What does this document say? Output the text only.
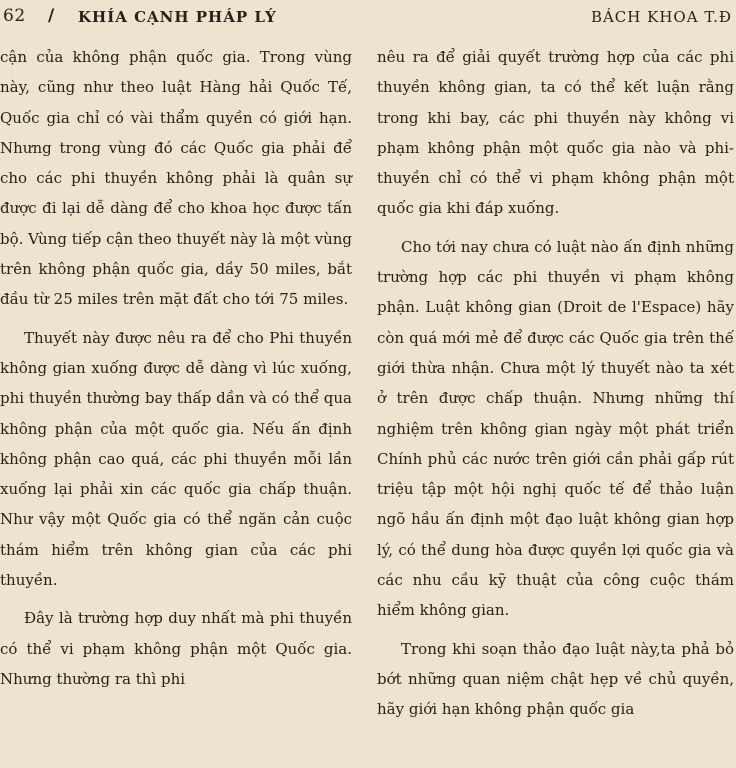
62 / KHÍA CẠNH PHÁP LÝ	BÁCH KHOA T.Đ

cận của không phận quốc gia. Trong vùng này, cũng như theo luật Hàng hải Quốc Tế, Quốc gia chỉ có vài thẩm quyền có giới hạn. Nhưng trong vùng đó các Quốc gia phải để cho các phi thuyền không phải là quân sự được đi lại dễ dàng để cho khoa học được tấn bộ. Vùng tiếp cận theo thuyết này là một vùng trên không phận quốc gia, dầy 50 miles, bắt đầu từ 25 miles trên mặt đất cho tới 75 miles.

Thuyết này được nêu ra để cho Phi thuyền không gian xuống được dễ dàng vì lúc xuống, phi thuyền thường bay thấp dần và có thể qua không phận của một quốc gia. Nếu ấn định không phận cao quá, các phi thuyền mỗi lần xuống lại phải xin các quốc gia chấp thuận. Như vậy một Quốc gia có thể ngăn cản cuộc thám hiểm trên không gian của các phi thuyền.

Đây là trường hợp duy nhất mà phi thuyền có thể vi phạm không phận một Quốc gia. Nhưng thường ra thì phi

nêu ra để giải quyết trường hợp của các phi thuyền không gian, ta có thể kết luận rằng trong khi bay, các phi thuyền này không vi phạm không phận một quốc gia nào và phi-thuyền chỉ có thể vi phạm không phận một quốc gia khi đáp xuống.

Cho tới nay chưa có luật nào ấn định những trường hợp các phi thuyền vi phạm không phận. Luật không gian (Droit de l'Espace) hãy còn quá mới mẻ để được các Quốc gia trên thế giới thừa nhận. Chưa một lý thuyết nào ta xét ở trên được chấp thuận. Nhưng những thí nghiệm trên không gian ngày một phát triển Chính phủ các nước trên giới cần phải gấp rút triệu tập một hội nghị quốc tế để thảo luận ngõ hầu ấn định một đạo luật không gian hợp lý, có thể dung hòa được quyền lợi quốc gia và các nhu cầu kỹ thuật của công cuộc thám hiểm không gian.

Trong khi soạn thảo đạo luật này,ta phả bỏ bớt những quan niệm chật hẹp về chủ quyền, hãy giới hạn không phận quốc gia
